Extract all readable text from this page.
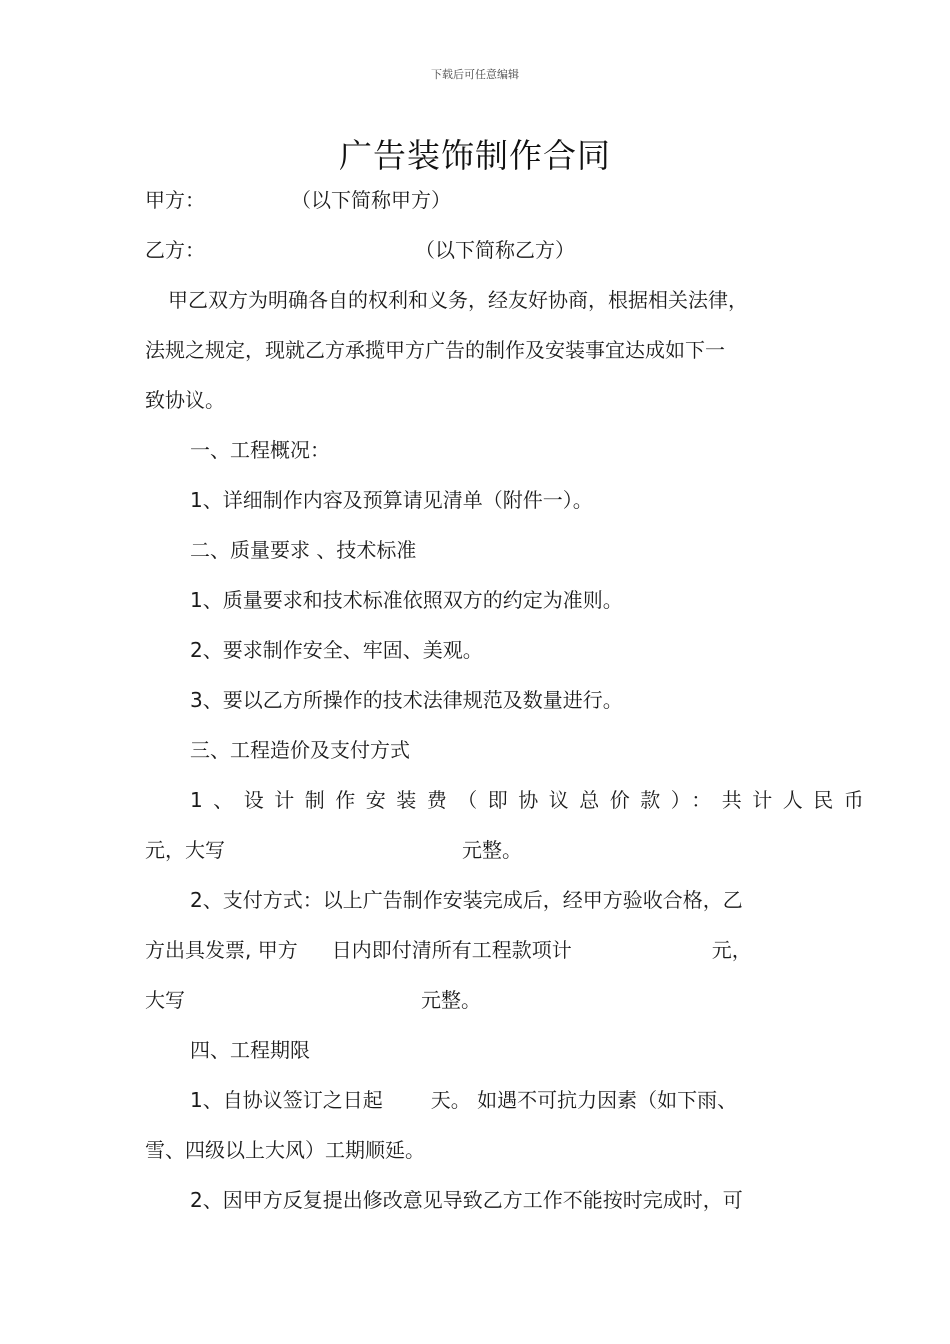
下载后可任意编辑
广告装饰制作合同
甲方：	（以下简称甲方）
乙方：	（以下简称乙方）
甲乙双方为明确各自的权利和义务，经友好协商，根据相关法律，
法规之规定，现就乙方承揽甲方广告的制作及安装事宜达成如下一
致协议。
一、工程概况：
1、详细制作内容及预算请见清单（附件一）。
二、质量要求 、技术标准
1、质量要求和技术标准依照双方的约定为准则。
2、要求制作安全、牢固、美观。
3、要以乙方所操作的技术法律规范及数量进行。
三、工程造价及支付方式
1、设计制作安装费（即协议总价款）：共计人民币
元，大写	元整。
2、支付方式：以上广告制作安装完成后，经甲方验收合格，乙
方出具发票, 甲方 日内即付清所有工程款项计	元，
大写	元整。
四、工程期限
1、自协议签订之日起 天。 如遇不可抗力因素（如下雨、
雪、四级以上大风）工期顺延。
2、因甲方反复提出修改意见导致乙方工作不能按时完成时，可
